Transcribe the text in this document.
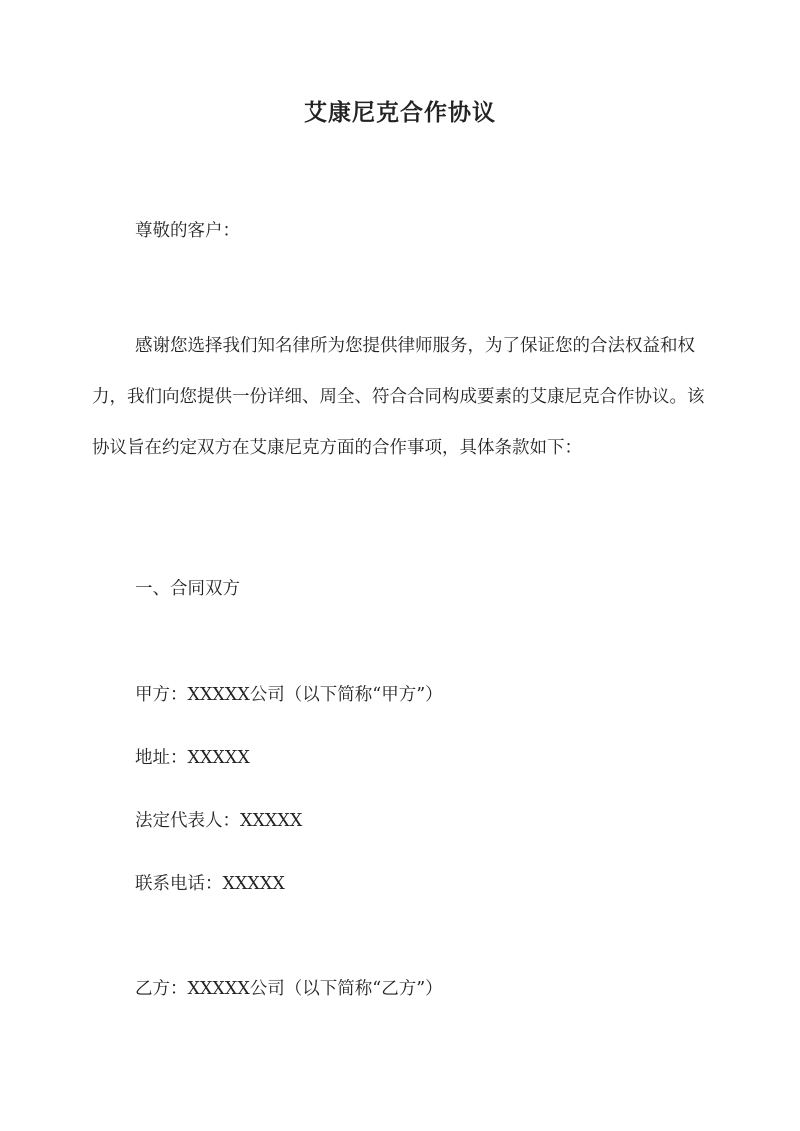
艾康尼克合作协议
尊敬的客户：
感谢您选择我们知名律所为您提供律师服务，为了保证您的合法权益和权力，我们向您提供一份详细、周全、符合合同构成要素的艾康尼克合作协议。该协议旨在约定双方在艾康尼克方面的合作事项，具体条款如下：
一、合同双方
甲方：XXXXX公司（以下简称“甲方”）
地址：XXXXX
法定代表人：XXXXX
联系电话：XXXXX
乙方：XXXXX公司（以下简称“乙方”）
